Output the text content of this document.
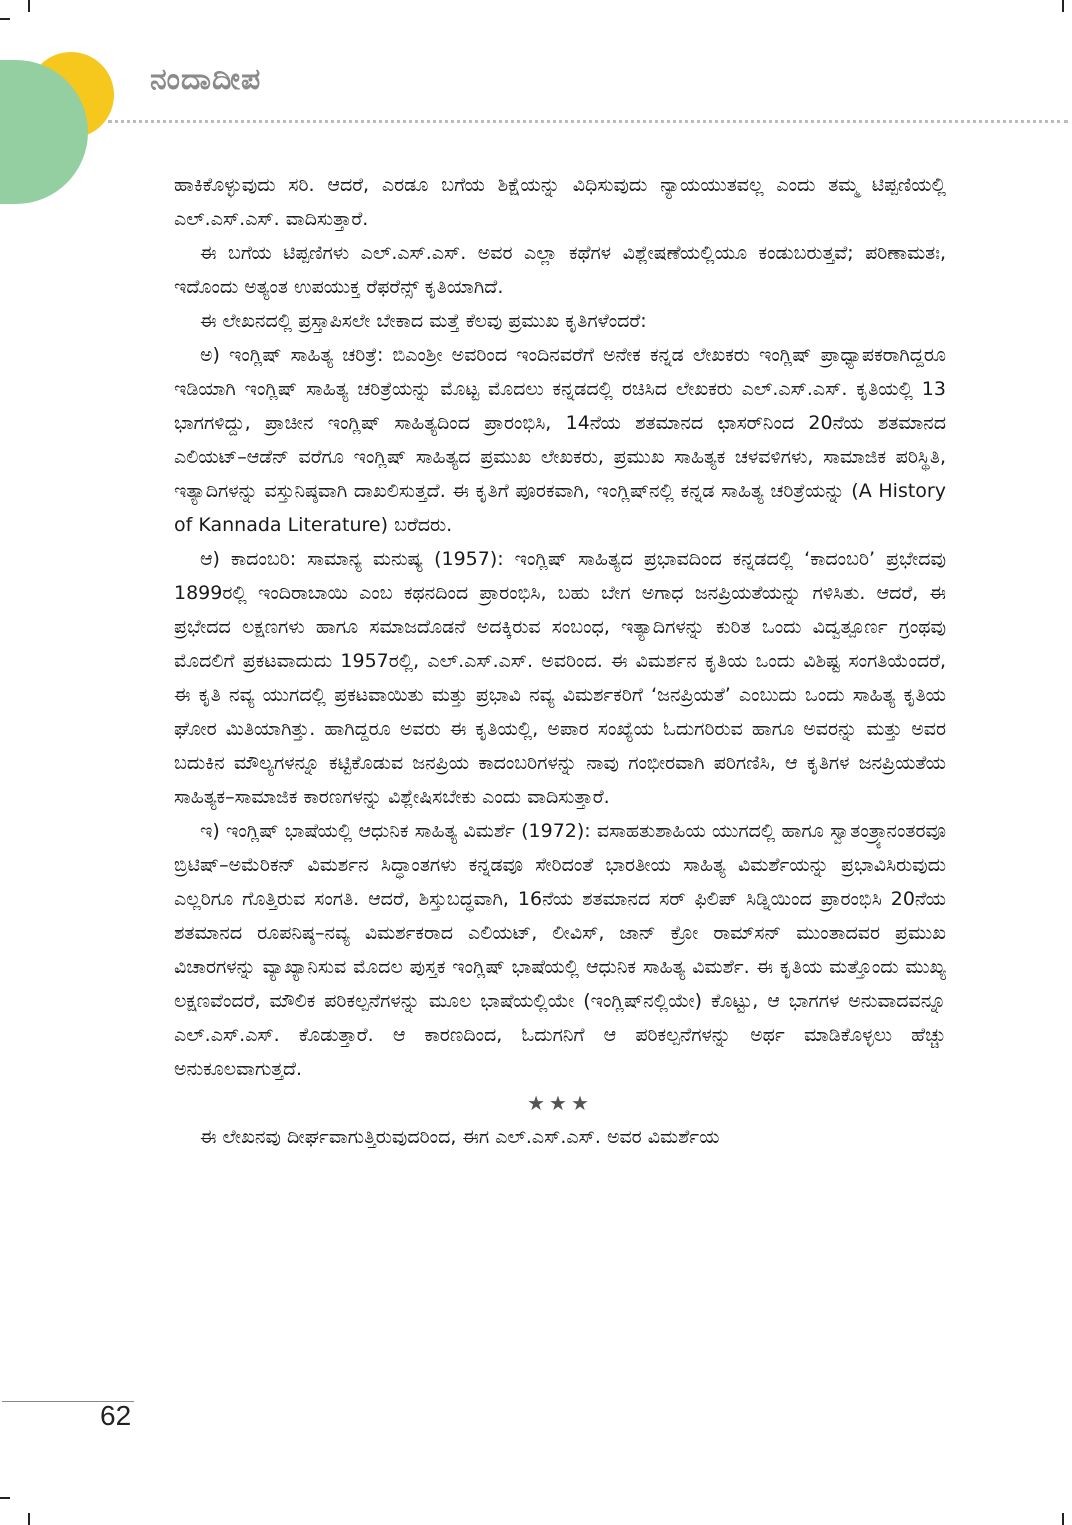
ನಂದಾದೀಪ

ಹಾಕಿಕೊಳ್ಳುವುದು ಸರಿ. ಆದರೆ, ಎರಡೂ ಬಗೆಯ ಶಿಕ್ಷೆಯನ್ನು ವಿಧಿಸುವುದು ನ್ಯಾಯಯುತವಲ್ಲ ಎಂದು ತಮ್ಮ ಟಿಪ್ಪಣಿಯಲ್ಲಿ ಎಲ್.ಎಸ್.ಎಸ್. ವಾದಿಸುತ್ತಾರೆ.

ಈ ಬಗೆಯ ಟಿಪ್ಪಣಿಗಳು ಎಲ್.ಎಸ್.ಎಸ್. ಅವರ ಎಲ್ಲಾ ಕಥೆಗಳ ವಿಶ್ಲೇಷಣೆಯಲ್ಲಿಯೂ ಕಂಡುಬರುತ್ತವೆ; ಪರಿಣಾಮತಃ, ಇದೊಂದು ಅತ್ಯಂತ ಉಪಯುಕ್ತ ರೆಫರೆನ್ಸ್ ಕೃತಿಯಾಗಿದೆ.

ಈ ಲೇಖನದಲ್ಲಿ ಪ್ರಸ್ತಾಪಿಸಲೇ ಬೇಕಾದ ಮತ್ತೆ ಕೆಲವು ಪ್ರಮುಖ ಕೃತಿಗಳೆಂದರೆ:

ಅ) ಇಂಗ್ಲಿಷ್ ಸಾಹಿತ್ಯ ಚರಿತ್ರೆ: ಬಿಎಂಶ್ರೀ ಅವರಿಂದ ಇಂದಿನವರೆಗೆ ಅನೇಕ ಕನ್ನಡ ಲೇಖಕರು ಇಂಗ್ಲಿಷ್ ಪ್ರಾಧ್ಯಾಪಕರಾಗಿದ್ದರೂ ಇಡಿಯಾಗಿ ಇಂಗ್ಲಿಷ್ ಸಾಹಿತ್ಯ ಚರಿತ್ರೆಯನ್ನು ಮೊಟ್ಟ ಮೊದಲು ಕನ್ನಡದಲ್ಲಿ ರಚಿಸಿದ ಲೇಖಕರು ಎಲ್.ಎಸ್.ಎಸ್. ಕೃತಿಯಲ್ಲಿ 13 ಭಾಗಗಳಿದ್ದು, ಪ್ರಾಚೀನ ಇಂಗ್ಲಿಷ್ ಸಾಹಿತ್ಯದಿಂದ ಪ್ರಾರಂಭಿಸಿ, 14ನೆಯ ಶತಮಾನದ ಛಾಸರ್‌ನಿಂದ 20ನೆಯ ಶತಮಾನದ ಎಲಿಯಟ್–ಆಡೆನ್ ವರೆಗೂ ಇಂಗ್ಲಿಷ್ ಸಾಹಿತ್ಯದ ಪ್ರಮುಖ ಲೇಖಕರು, ಪ್ರಮುಖ ಸಾಹಿತ್ಯಕ ಚಳವಳಿಗಳು, ಸಾಮಾಜಿಕ ಪರಿಸ್ಥಿತಿ, ಇತ್ಯಾದಿಗಳನ್ನು ವಸ್ತುನಿಷ್ಠವಾಗಿ ದಾಖಲಿಸುತ್ತದೆ. ಈ ಕೃತಿಗೆ ಪೂರಕವಾಗಿ, ಇಂಗ್ಲಿಷ್‌ನಲ್ಲಿ ಕನ್ನಡ ಸಾಹಿತ್ಯ ಚರಿತ್ರೆಯನ್ನು (A History of Kannada Literature) ಬರೆದರು.

ಆ) ಕಾದಂಬರಿ: ಸಾಮಾನ್ಯ ಮನುಷ್ಯ (1957): ಇಂಗ್ಲಿಷ್ ಸಾಹಿತ್ಯದ ಪ್ರಭಾವದಿಂದ ಕನ್ನಡದಲ್ಲಿ ‘ಕಾದಂಬರಿ’ ಪ್ರಭೇದವು 1899ರಲ್ಲಿ ಇಂದಿರಾಬಾಯಿ ಎಂಬ ಕಥನದಿಂದ ಪ್ರಾರಂಭಿಸಿ, ಬಹು ಬೇಗ ಅಗಾಧ ಜನಪ್ರಿಯತೆಯನ್ನು ಗಳಿಸಿತು. ಆದರೆ, ಈ ಪ್ರಭೇದದ ಲಕ್ಷಣಗಳು ಹಾಗೂ ಸಮಾಜದೊಡನೆ ಅದಕ್ಕಿರುವ ಸಂಬಂಧ, ಇತ್ಯಾದಿಗಳನ್ನು ಕುರಿತ ಒಂದು ವಿದ್ವತ್ಪೂರ್ಣ ಗ್ರಂಥವು ಮೊದಲಿಗೆ ಪ್ರಕಟವಾದುದು 1957ರಲ್ಲಿ, ಎಲ್.ಎಸ್.ಎಸ್. ಅವರಿಂದ. ಈ ವಿಮರ್ಶನ ಕೃತಿಯ ಒಂದು ವಿಶಿಷ್ಟ ಸಂಗತಿಯೆಂದರೆ, ಈ ಕೃತಿ ನವ್ಯ ಯುಗದಲ್ಲಿ ಪ್ರಕಟವಾಯಿತು ಮತ್ತು ಪ್ರಭಾವಿ ನವ್ಯ ವಿಮರ್ಶಕರಿಗೆ ‘ಜನಪ್ರಿಯತೆ’ ಎಂಬುದು ಒಂದು ಸಾಹಿತ್ಯ ಕೃತಿಯ ಘೋರ ಮಿತಿಯಾಗಿತ್ತು. ಹಾಗಿದ್ದರೂ ಅವರು ಈ ಕೃತಿಯಲ್ಲಿ, ಅಪಾರ ಸಂಖ್ಯೆಯ ಓದುಗರಿರುವ ಹಾಗೂ ಅವರನ್ನು ಮತ್ತು ಅವರ ಬದುಕಿನ ಮೌಲ್ಯಗಳನ್ನೂ ಕಟ್ಟಿಕೊಡುವ ಜನಪ್ರಿಯ ಕಾದಂಬರಿಗಳನ್ನು ನಾವು ಗಂಭೀರವಾಗಿ ಪರಿಗಣಿಸಿ, ಆ ಕೃತಿಗಳ ಜನಪ್ರಿಯತೆಯ ಸಾಹಿತ್ಯಕ–ಸಾಮಾಜಿಕ ಕಾರಣಗಳನ್ನು ವಿಶ್ಲೇಷಿಸಬೇಕು ಎಂದು ವಾದಿಸುತ್ತಾರೆ.

ಇ) ಇಂಗ್ಲಿಷ್ ಭಾಷೆಯಲ್ಲಿ ಆಧುನಿಕ ಸಾಹಿತ್ಯ ವಿಮರ್ಶೆ (1972): ವಸಾಹತುಶಾಹಿಯ ಯುಗದಲ್ಲಿ ಹಾಗೂ ಸ್ವಾತಂತ್ರ್ಯಾನಂತರವೂ ಬ್ರಿಟಿಷ್–ಅಮೆರಿಕನ್ ವಿಮರ್ಶನ ಸಿದ್ಧಾಂತಗಳು ಕನ್ನಡವೂ ಸೇರಿದಂತೆ ಭಾರತೀಯ ಸಾಹಿತ್ಯ ವಿಮರ್ಶೆಯನ್ನು ಪ್ರಭಾವಿಸಿರುವುದು ಎಲ್ಲರಿಗೂ ಗೊತ್ತಿರುವ ಸಂಗತಿ. ಆದರೆ, ಶಿಸ್ತುಬದ್ಧವಾಗಿ, 16ನೆಯ ಶತಮಾನದ ಸರ್ ಫಿಲಿಪ್ ಸಿಡ್ನಿಯಿಂದ ಪ್ರಾರಂಭಿಸಿ 20ನೆಯ ಶತಮಾನದ ರೂಪನಿಷ್ಠ–ನವ್ಯ ವಿಮರ್ಶಕರಾದ ಎಲಿಯಟ್, ಲೀವಿಸ್, ಜಾನ್ ಕ್ರೋ ರಾಮ್‌ಸನ್ ಮುಂತಾದವರ ಪ್ರಮುಖ ವಿಚಾರಗಳನ್ನು ವ್ಯಾಖ್ಯಾನಿಸುವ ಮೊದಲ ಪುಸ್ತಕ ಇಂಗ್ಲಿಷ್ ಭಾಷೆಯಲ್ಲಿ ಆಧುನಿಕ ಸಾಹಿತ್ಯ ವಿಮರ್ಶೆ. ಈ ಕೃತಿಯ ಮತ್ತೊಂದು ಮುಖ್ಯ ಲಕ್ಷಣವೆಂದರೆ, ಮೌಲಿಕ ಪರಿಕಲ್ಪನೆಗಳನ್ನು ಮೂಲ ಭಾಷೆಯಲ್ಲಿಯೇ (ಇಂಗ್ಲಿಷ್‌ನಲ್ಲಿಯೇ) ಕೊಟ್ಟು, ಆ ಭಾಗಗಳ ಅನುವಾದವನ್ನೂ ಎಲ್.ಎಸ್.ಎಸ್. ಕೊಡುತ್ತಾರೆ. ಆ ಕಾರಣದಿಂದ, ಓದುಗನಿಗೆ ಆ ಪರಿಕಲ್ಪನೆಗಳನ್ನು ಅರ್ಥ ಮಾಡಿಕೊಳ್ಳಲು ಹೆಚ್ಚು ಅನುಕೂಲವಾಗುತ್ತದೆ.

★★★

ಈ ಲೇಖನವು ದೀರ್ಘವಾಗುತ್ತಿರುವುದರಿಂದ, ಈಗ ಎಲ್.ಎಸ್.ಎಸ್. ಅವರ ವಿಮರ್ಶೆಯ

62
